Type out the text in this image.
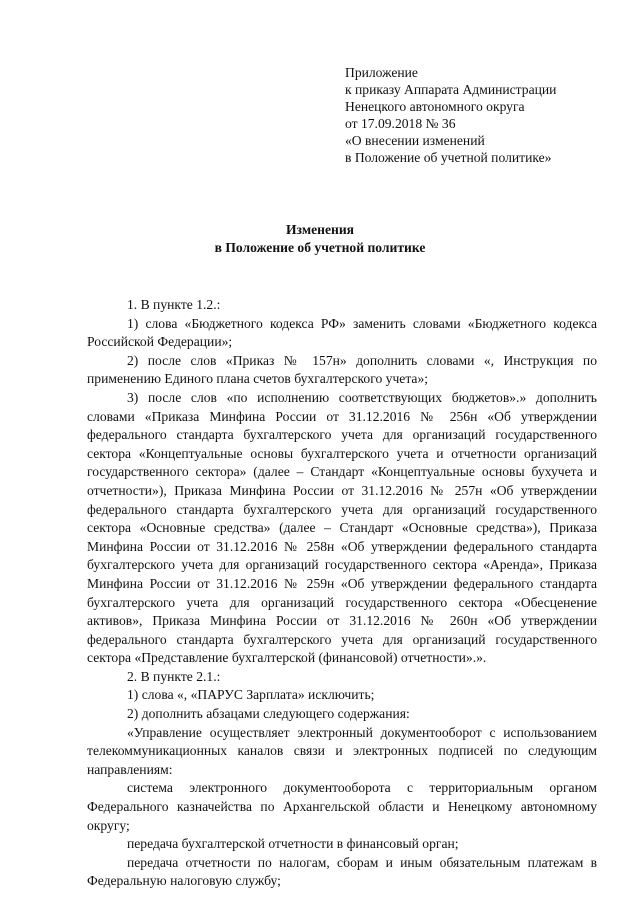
Приложение
к приказу Аппарата Администрации
Ненецкого автономного округа
от 17.09.2018 № 36
«О внесении изменений
в Положение об учетной политике»
Изменения
в Положение об учетной политике

1. В пункте 1.2.:

1) слова «Бюджетного кодекса РФ» заменить словами «Бюджетного кодекса Российской Федерации»;

2) после слов «Приказ № 157н» дополнить словами «, Инструкция по применению Единого плана счетов бухгалтерского учета»;

3) после слов «по исполнению соответствующих бюджетов».» дополнить словами «Приказа Минфина России от 31.12.2016 № 256н «Об утверждении федерального стандарта бухгалтерского учета для организаций государственного сектора «Концептуальные основы бухгалтерского учета и отчетности организаций государственного сектора» (далее – Стандарт «Концептуальные основы бухучета и отчетности»), Приказа Минфина России от 31.12.2016 № 257н «Об утверждении федерального стандарта бухгалтерского учета для организаций государственного сектора «Основные средства» (далее – Стандарт «Основные средства»), Приказа Минфина России от 31.12.2016 № 258н «Об утверждении федерального стандарта бухгалтерского учета для организаций государственного сектора «Аренда», Приказа Минфина России от 31.12.2016 № 259н «Об утверждении федерального стандарта бухгалтерского учета для организаций государственного сектора «Обесценение активов», Приказа Минфина России от 31.12.2016 № 260н «Об утверждении федерального стандарта бухгалтерского учета для организаций государственного сектора «Представление бухгалтерской (финансовой) отчетности».».

2. В пункте 2.1.:

1) слова «, «ПАРУС Зарплата» исключить;

2) дополнить абзацами следующего содержания:

«Управление осуществляет электронный документооборот с использованием телекоммуникационных каналов связи и электронных подписей по следующим направлениям:

система электронного документооборота с территориальным органом Федерального казначейства по Архангельской области и Ненецкому автономному округу;

передача бухгалтерской отчетности в финансовый орган;

передача отчетности по налогам, сборам и иным обязательным платежам в Федеральную налоговую службу;
